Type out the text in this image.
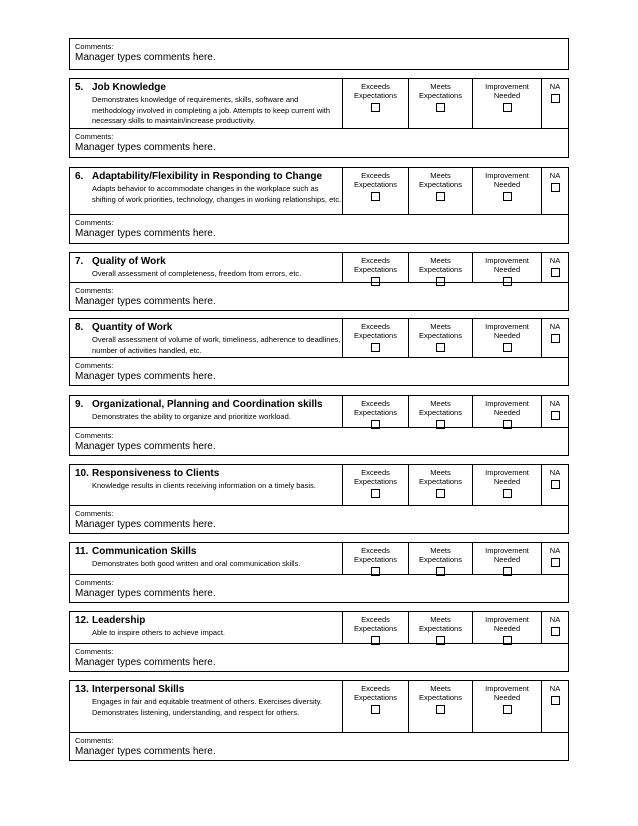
Comments:
Manager types comments here.
5. Job Knowledge
Demonstrates knowledge of requirements, skills, software and methodology involved in completing a job. Attempts to keep current with necessary skills to maintain/increase productivity.
Exceeds
Expectations
Meets
Expectations
Improvement
Needed
NA

Comments:
Manager types comments here.
6. Adaptability/Flexibility in Responding to Change
Adapts behavior to accommodate changes in the workplace such as shifting of work priorities, technology, changes in working relationships, etc.
Exceeds
Expectations
Meets
Expectations
Improvement
Needed
NA

Comments:
Manager types comments here.
7. Quality of Work
Overall assessment of completeness, freedom from errors, etc.
Exceeds
Expectations
Meets
Expectations
Improvement
Needed
NA

Comments:
Manager types comments here.
8. Quantity of Work
Overall assessment of volume of work, timeliness, adherence to deadlines, number of activities handled, etc.
Exceeds
Expectations
Meets
Expectations
Improvement
Needed
NA

Comments:
Manager types comments here.
9. Organizational, Planning and Coordination skills
Demonstrates the ability to organize and prioritize workload.
Exceeds
Expectations
Meets
Expectations
Improvement
Needed
NA

Comments:
Manager types comments here.
10. Responsiveness to Clients
Knowledge results in clients receiving information on a timely basis.
Exceeds
Expectations
Meets
Expectations
Improvement
Needed
NA

Comments:
Manager types comments here.
11. Communication Skills
Demonstrates both good written and oral communication skills.
Exceeds
Expectations
Meets
Expectations
Improvement
Needed
NA

Comments:
Manager types comments here.
12. Leadership
Able to inspire others to achieve impact.
Exceeds
Expectations
Meets
Expectations
Improvement
Needed
NA

Comments:
Manager types comments here.
13. Interpersonal Skills
Engages in fair and equitable treatment of others. Exercises diversity. Demonstrates listening, understanding, and respect for others.
Exceeds
Expectations
Meets
Expectations
Improvement
Needed
NA

Comments:
Manager types comments here.
